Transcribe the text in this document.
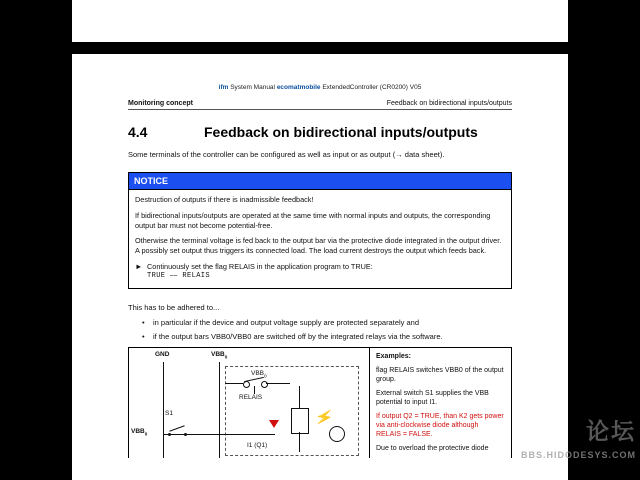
ifm System Manual ecomatmobile ExtendedController (CR0200) V05
Monitoring concept	Feedback on bidirectional inputs/outputs
4.4	Feedback on bidirectional inputs/outputs
Some terminals of the controller can be configured as well as input or as output (→ data sheet).
NOTICE

Destruction of outputs if there is inadmissible feedback!

If bidirectional inputs/outputs are operated at the same time with normal inputs and outputs, the corresponding output bar must not become potential-free.

Otherwise the terminal voltage is fed back to the output bar via the protective diode integrated in the output driver. A possibly set output thus triggers its connected load. The load current destroys the output which feeds back.

► Continuously set the flag RELAIS in the application program to TRUE:
TRUE ⎯⎯ RELAIS
This has to be adhered to...
•	in particular if the device and output voltage supply are protected separately and
•	if the output bars VBB0/VBB0 are switched off by the integrated relays via the software.
GND	$VBB_0$
$VBB_0$
RELAIS
S1
$VBB_0$
I1 (Q1)
⚡
Examples:

flag RELAIS switches VBB0 of the output group.

External switch S1 supplies the VBB potential to input I1.

If output Q2 = TRUE, than K2 gets power via anti-clockwise diode although RELAIS = FALSE.

Due to overload the protective diode

论坛
BBS.HIDODESYS.COM
